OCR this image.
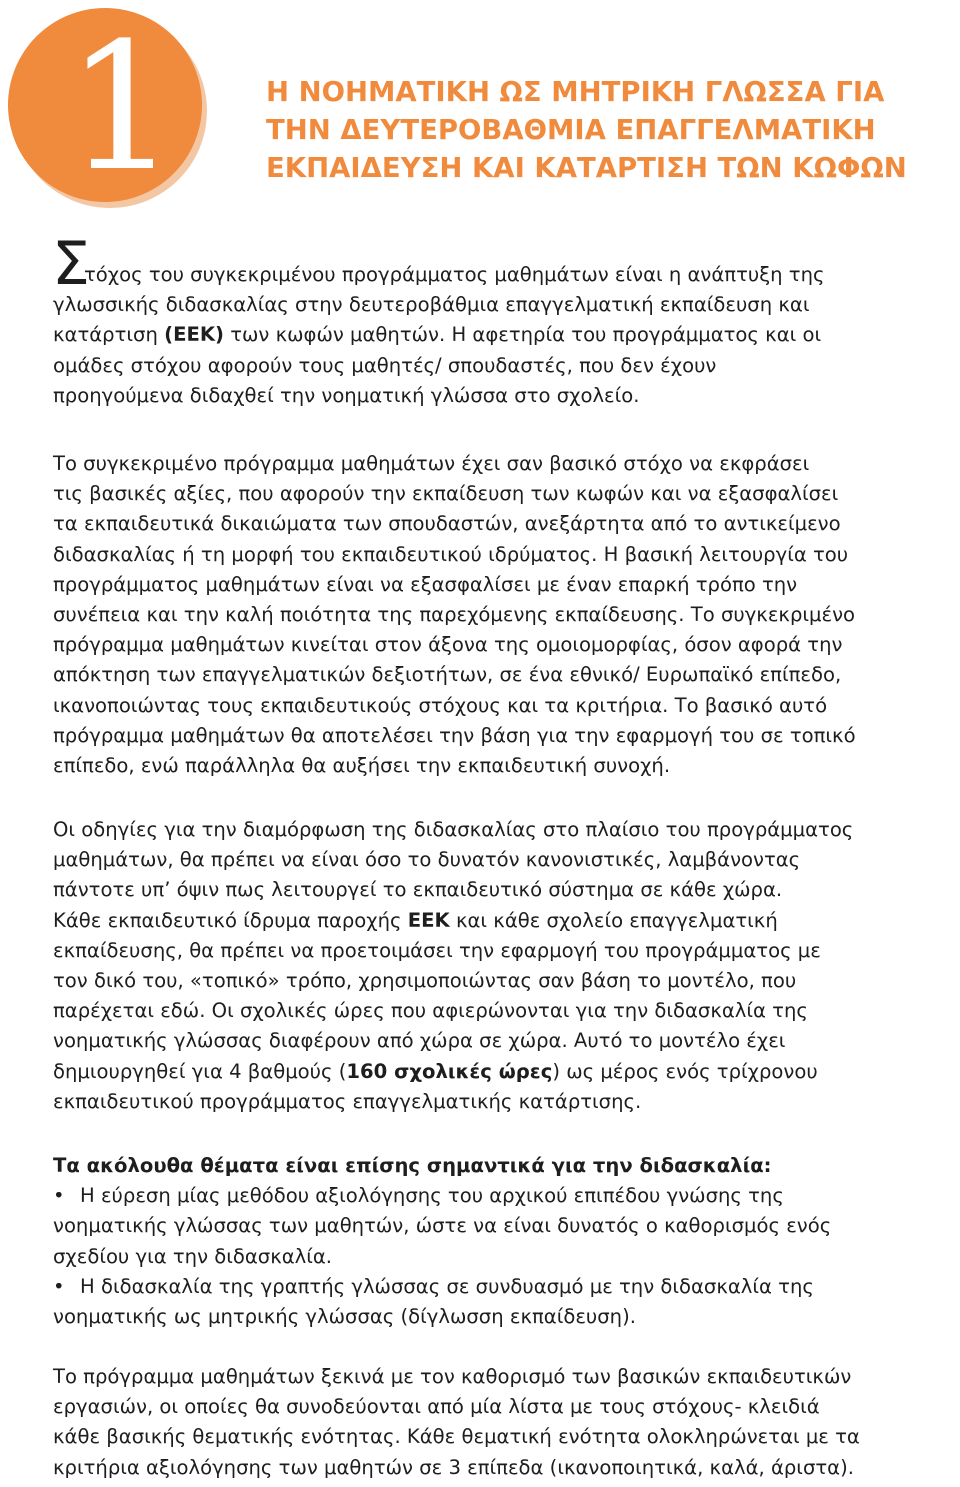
1	Η ΝΟΗΜΑΤΙΚΗ ΩΣ ΜΗΤΡΙΚΗ ΓΛΩΣΣΑ ΓΙΑ
ΤΗΝ ΔΕΥΤΕΡΟΒΑΘΜΙΑ ΕΠΑΓΓΕΛΜΑΤΙΚΗ
ΕΚΠΑΙΔΕΥΣΗ ΚΑΙ ΚΑΤΑΡΤΙΣΗ ΤΩΝ ΚΩΦΩΝ
Σ

τόχος του συγκεκριμένου προγράμματος μαθημάτων είναι η ανάπτυξη της
γλωσσικής διδασκαλίας στην δευτεροβάθμια επαγγελματική εκπαίδευση και
κατάρτιση (ΕΕΚ) των κωφών μαθητών. Η αφετηρία του προγράμματος και οι
ομάδες στόχου αφορούν τους μαθητές/ σπουδαστές, που δεν έχουν
προηγούμενα διδαχθεί την νοηματική γλώσσα στο σχολείο.

Το συγκεκριμένο πρόγραμμα μαθημάτων έχει σαν βασικό στόχο να εκφράσει
τις βασικές αξίες, που αφορούν την εκπαίδευση των κωφών και να εξασφαλίσει
τα εκπαιδευτικά δικαιώματα των σπουδαστών, ανεξάρτητα από το αντικείμενο
διδασκαλίας ή τη μορφή του εκπαιδευτικού ιδρύματος. Η βασική λειτουργία του
προγράμματος μαθημάτων είναι να εξασφαλίσει με έναν επαρκή τρόπο την
συνέπεια και την καλή ποιότητα της παρεχόμενης εκπαίδευσης. Το συγκεκριμένο
πρόγραμμα μαθημάτων κινείται στον άξονα της ομοιομορφίας, όσον αφορά την
απόκτηση των επαγγελματικών δεξιοτήτων, σε ένα εθνικό/ Ευρωπαϊκό επίπεδο,
ικανοποιώντας τους εκπαιδευτικούς στόχους και τα κριτήρια. Το βασικό αυτό
πρόγραμμα μαθημάτων θα αποτελέσει την βάση για την εφαρμογή του σε τοπικό
επίπεδο, ενώ παράλληλα θα αυξήσει την εκπαιδευτική συνοχή.

Οι οδηγίες για την διαμόρφωση της διδασκαλίας στο πλαίσιο του προγράμματος
μαθημάτων, θα πρέπει να είναι όσο το δυνατόν κανονιστικές, λαμβάνοντας
πάντοτε υπ’ όψιν πως λειτουργεί το εκπαιδευτικό σύστημα σε κάθε χώρα.
Κάθε εκπαιδευτικό ίδρυμα παροχής ΕΕΚ και κάθε σχολείο επαγγελματική
εκπαίδευσης, θα πρέπει να προετοιμάσει την εφαρμογή του προγράμματος με
τον δικό του, «τοπικό» τρόπο, χρησιμοποιώντας σαν βάση το μοντέλο, που
παρέχεται εδώ. Οι σχολικές ώρες που αφιερώνονται για την διδασκαλία της
νοηματικής γλώσσας διαφέρουν από χώρα σε χώρα. Αυτό το μοντέλο έχει
δημιουργηθεί για 4 βαθμούς (160 σχολικές ώρες) ως μέρος ενός τρίχρονου
εκπαιδευτικού προγράμματος επαγγελματικής κατάρτισης.

Τα ακόλουθα θέματα είναι επίσης σημαντικά για την διδασκαλία:
• Η εύρεση μίας μεθόδου αξιολόγησης του αρχικού επιπέδου γνώσης της
νοηματικής γλώσσας των μαθητών, ώστε να είναι δυνατός ο καθορισμός ενός
σχεδίου για την διδασκαλία.
• Η διδασκαλία της γραπτής γλώσσας σε συνδυασμό με την διδασκαλία της
νοηματικής ως μητρικής γλώσσας (δίγλωσση εκπαίδευση).

Το πρόγραμμα μαθημάτων ξεκινά με τον καθορισμό των βασικών εκπαιδευτικών
εργασιών, οι οποίες θα συνοδεύονται από μία λίστα με τους στόχους- κλειδιά
κάθε βασικής θεματικής ενότητας. Κάθε θεματική ενότητα ολοκληρώνεται με τα
κριτήρια αξιολόγησης των μαθητών σε 3 επίπεδα (ικανοποιητικά, καλά, άριστα).
